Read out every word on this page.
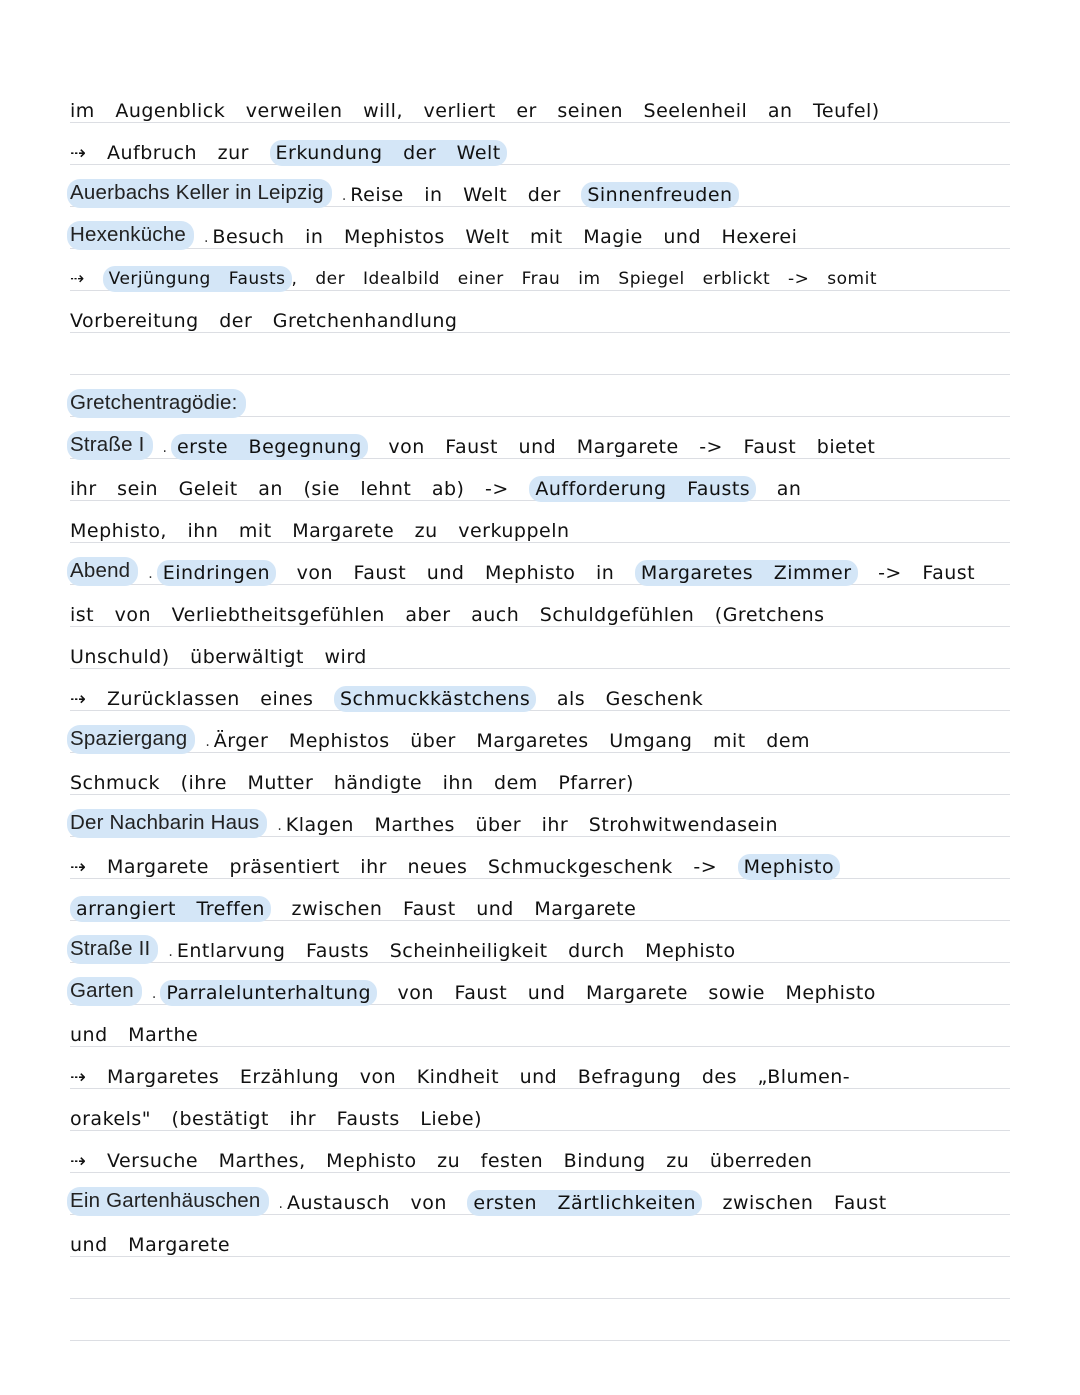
im Augenblick verweilen will, verliert er seinen Seelenheil an Teufel)
⇢ Aufbruch zur Erkundung der Welt
Auerbachs Keller in Leipzig	· Reise in Welt der Sinnenfreuden
Hexenküche	· Besuch in Mephistos Welt mit Magie und Hexerei
⇢ Verjüngung Fausts , der Idealbild einer Frau im Spiegel erblickt -> somit
Vorbereitung der Gretchenhandlung
Gretchentragödie:
Straße I	· erste Begegnung von Faust und Margarete -> Faust bietet
ihr sein Geleit an (sie lehnt ab) -> Aufforderung Fausts an
Mephisto, ihn mit Margarete zu verkuppeln
Abend	· Eindringen von Faust und Mephisto in Margaretes Zimmer -> Faust
ist von Verliebtheitsgefühlen aber auch Schuldgefühlen (Gretchens
Unschuld) überwältigt wird
⇢ Zurücklassen eines Schmuckkästchens als Geschenk
Spaziergang	· Ärger Mephistos über Margaretes Umgang mit dem
Schmuck (ihre Mutter händigte ihn dem Pfarrer)
Der Nachbarin Haus	· Klagen Marthes über ihr Strohwitwendasein
⇢ Margarete präsentiert ihr neues Schmuckgeschenk -> Mephisto
arrangiert Treffen zwischen Faust und Margarete
Straße II	· Entlarvung Fausts Scheinheiligkeit durch Mephisto
Garten	· Parralelunterhaltung von Faust und Margarete sowie Mephisto
und Marthe
⇢ Margaretes Erzählung von Kindheit und Befragung des „Blumen-
orakels" (bestätigt ihr Fausts Liebe)
⇢ Versuche Marthes, Mephisto zu festen Bindung zu überreden
Ein Gartenhäuschen	· Austausch von ersten Zärtlichkeiten zwischen Faust
und Margarete
